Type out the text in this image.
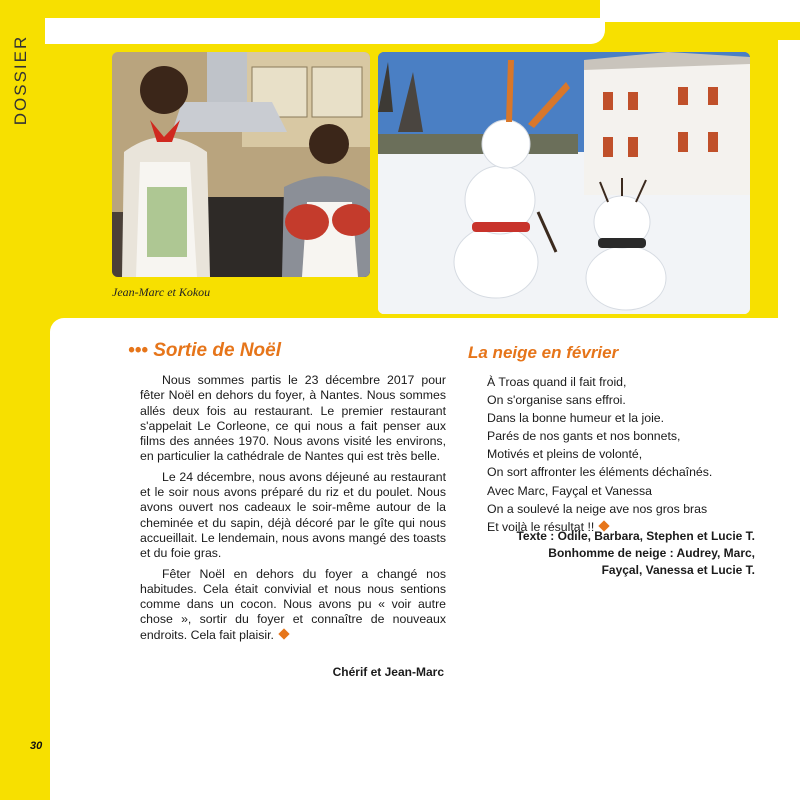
DOSSIER
Jean-Marc et Kokou
••• Sortie de Noël

Nous sommes partis le 23 décembre 2017 pour fêter Noël en dehors du foyer, à Nantes. Nous sommes allés deux fois au restaurant. Le premier restaurant s'appelait Le Corleone, ce qui nous a fait penser aux films des années 1970. Nous avons visité les environs, en particulier la cathédrale de Nantes qui est très belle.

Le 24 décembre, nous avons déjeuné au restaurant et le soir nous avons préparé du riz et du poulet. Nous avons ouvert nos cadeaux le soir-même autour de la cheminée et du sapin, déjà décoré par le gîte qui nous accueillait. Le lendemain, nous avons mangé des toasts et du foie gras.

Fêter Noël en dehors du foyer a changé nos habitudes. Cela était convivial et nous nous sentions comme dans un cocon. Nous avons pu « voir autre chose », sortir du foyer et connaître de nouveaux endroits. Cela fait plaisir.

Chérif et Jean-Marc
La neige en février
À Troas quand il fait froid,
On s'organise sans effroi.
Dans la bonne humeur et la joie.
Parés de nos gants et nos bonnets,
Motivés et pleins de volonté,
On sort affronter les éléments déchaînés.
Avec Marc, Fayçal et Vanessa
On a soulevé la neige ave nos gros bras
Et voilà le résultat !!
Texte : Odile, Barbara, Stephen et Lucie T.
Bonhomme de neige : Audrey, Marc,
Fayçal, Vanessa et Lucie T.
30
